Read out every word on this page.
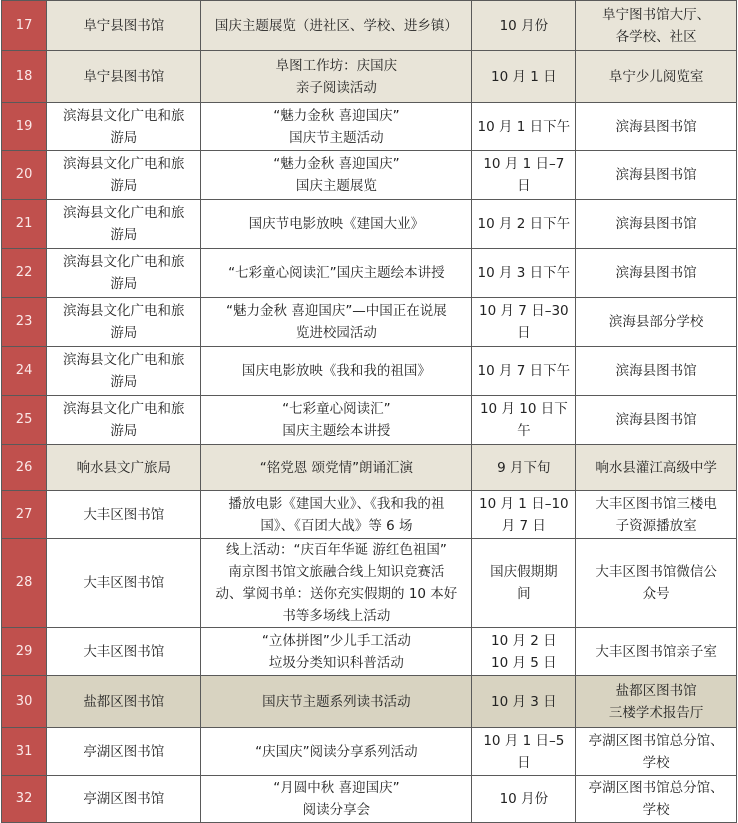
17	阜宁县图书馆	国庆主题展览（进社区、学校、进乡镇）	10 月份	阜宁图书馆大厅、
各学校、社区

18	阜宁县图书馆	阜图工作坊：庆国庆
亲子阅读活动	10 月 1 日	阜宁少儿阅览室

19	滨海县文化广电和旅
游局	“魅力金秋 喜迎国庆”
国庆节主题活动	10 月 1 日下午	滨海县图书馆

20	滨海县文化广电和旅
游局	“魅力金秋 喜迎国庆”
国庆主题展览	10 月 1 日–7
日	滨海县图书馆

21	滨海县文化广电和旅
游局	国庆节电影放映《建国大业》	10 月 2 日下午	滨海县图书馆

22	滨海县文化广电和旅
游局	“七彩童心阅读汇”国庆主题绘本讲授	10 月 3 日下午	滨海县图书馆

23	滨海县文化广电和旅
游局	“魅力金秋 喜迎国庆”—中国正在说展
览进校园活动	10 月 7 日–30
日	滨海县部分学校

24	滨海县文化广电和旅
游局	国庆电影放映《我和我的祖国》	10 月 7 日下午	滨海县图书馆

25	滨海县文化广电和旅
游局	“七彩童心阅读汇”
国庆主题绘本讲授	10 月 10 日下
午	滨海县图书馆

26	响水县文广旅局	“铭党恩 颂党情”朗诵汇演	9 月下旬	响水县灌江高级中学

27	大丰区图书馆	播放电影《建国大业》、《我和我的祖
国》、《百团大战》等 6 场	10 月 1 日–10
月 7 日	大丰区图书馆三楼电
子资源播放室

28	大丰区图书馆	线上活动：“庆百年华诞 游红色祖国”
南京图书馆文旅融合线上知识竞赛活
动、掌阅书单：送你充实假期的 10 本好
书等多场线上活动	国庆假期期
间	大丰区图书馆微信公
众号

29	大丰区图书馆	“立体拼图”少儿手工活动
垃圾分类知识科普活动	10 月 2 日
10 月 5 日	大丰区图书馆亲子室

30	盐都区图书馆	国庆节主题系列读书活动	10 月 3 日	盐都区图书馆
三楼学术报告厅

31	亭湖区图书馆	“庆国庆”阅读分享系列活动	10 月 1 日–5
日	亭湖区图书馆总分馆、
学校

32	亭湖区图书馆	“月圆中秋 喜迎国庆”
阅读分享会	10 月份	亭湖区图书馆总分馆、
学校
